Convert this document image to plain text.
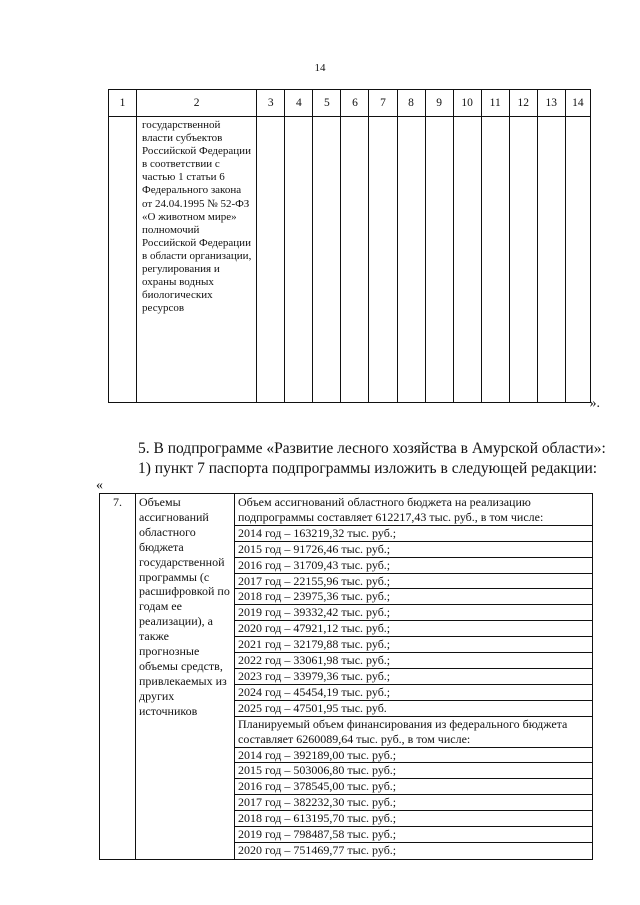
14
1	2	3	4	5	6	7	8	9	10	11	12	13	14
	государственной власти субъектов Российской Федерации в соответствии с частью 1 статьи 6 Федерального закона от 24.04.1995 № 52-ФЗ «О животном мире» полномочий Российской Федерации в области организации, регулирования и охраны водных биологических ресурсов												
».
5. В подпрограмме «Развитие лесного хозяйства в Амурской области»:
1) пункт 7 паспорта подпрограммы изложить в следующей редакции:
«
7.	Объемы ассигнований областного бюджета государственной программы (с расшифровкой по годам ее реализации), а также прогнозные объемы средств, привлекаемых из других источников	
Объем ассигнований областного бюджета на реализацию подпрограммы составляет 612217,43 тыс. руб., в том числе:
2014 год – 163219,32 тыс. руб.;
2015 год – 91726,46 тыс. руб.;
2016 год – 31709,43 тыс. руб.;
2017 год – 22155,96 тыс. руб.;
2018 год – 23975,36 тыс. руб.;
2019 год – 39332,42 тыс. руб.;
2020 год – 47921,12 тыс. руб.;
2021 год – 32179,88 тыс. руб.;
2022 год – 33061,98 тыс. руб.;
2023 год – 33979,36 тыс. руб.;
2024 год – 45454,19 тыс. руб.;
2025 год – 47501,95 тыс. руб.
Планируемый объем финансирования из федерального бюджета составляет 6260089,64 тыс. руб., в том числе:
2014 год – 392189,00 тыс. руб.;
2015 год – 503006,80 тыс. руб.;
2016 год – 378545,00 тыс. руб.;
2017 год – 382232,30 тыс. руб.;
2018 год – 613195,70 тыс. руб.;
2019 год – 798487,58 тыс. руб.;
2020 год – 751469,77 тыс. руб.;
